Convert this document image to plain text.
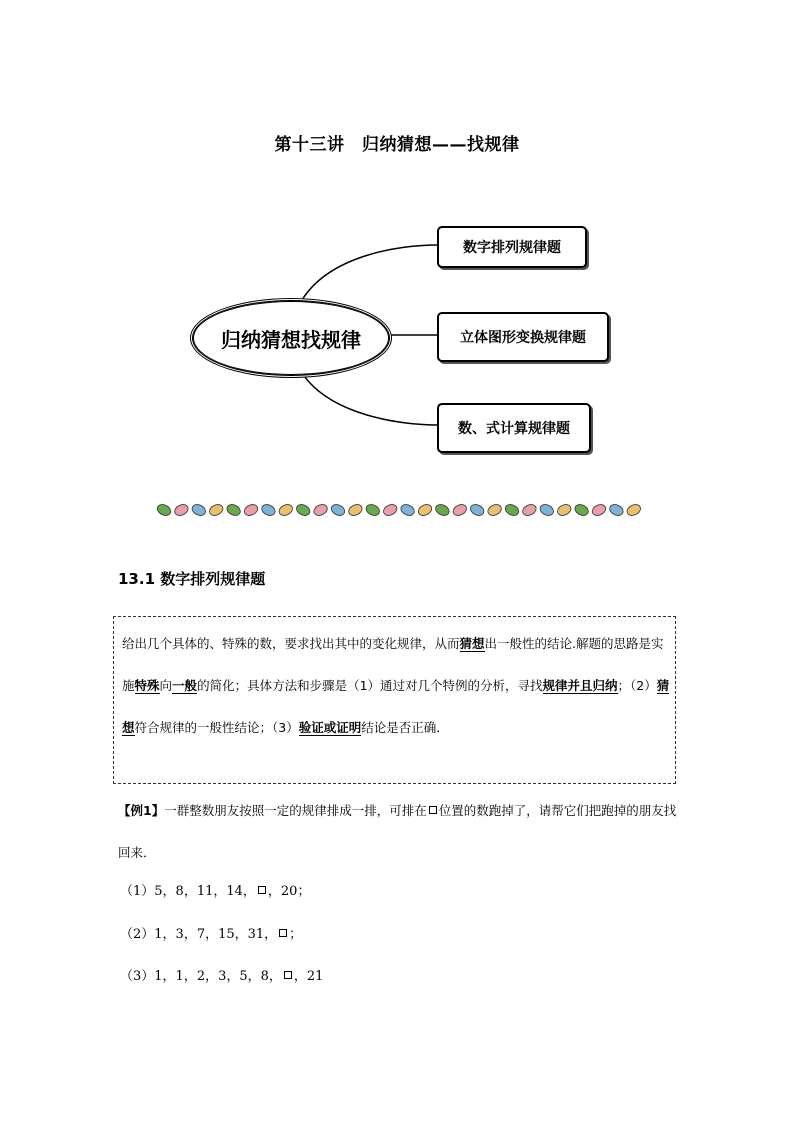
第十三讲　归纳猜想——找规律
归纳猜想找规律
数字排列规律题
立体图形变换规律题
数、式计算规律题
13.1 数字排列规律题
给出几个具体的、特殊的数，要求找出其中的变化规律，从而猜想出一般性的结论.解题的思路是实施特殊向一般的简化；具体方法和步骤是（1）通过对几个特例的分析，寻找规律并且归纳；（2）猜想符合规律的一般性结论；（3）验证或证明结论是否正确．
【例1】一群整数朋友按照一定的规律排成一排，可排在 位置的数跑掉了，请帮它们把跑掉的朋友找回来．
（1）5，8，11，14， ，20；
（2）1，3，7，15，31， ；
（3）1，1，2，3，5，8， ，21
